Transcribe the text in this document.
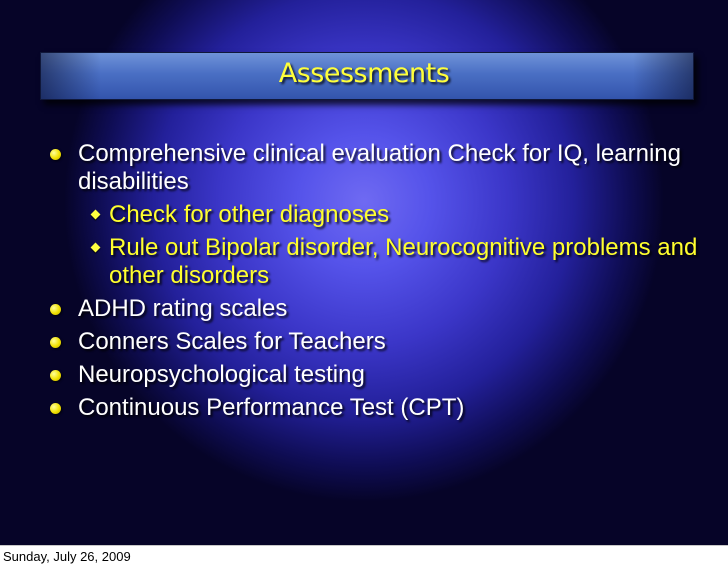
Assessments
Comprehensive clinical evaluation Check for IQ, learning disabilities
Check for other diagnoses
Rule out Bipolar disorder, Neurocognitive problems and other disorders
ADHD rating scales
Conners Scales for Teachers
Neuropsychological testing
Continuous Performance Test (CPT)
Sunday, July 26, 2009
